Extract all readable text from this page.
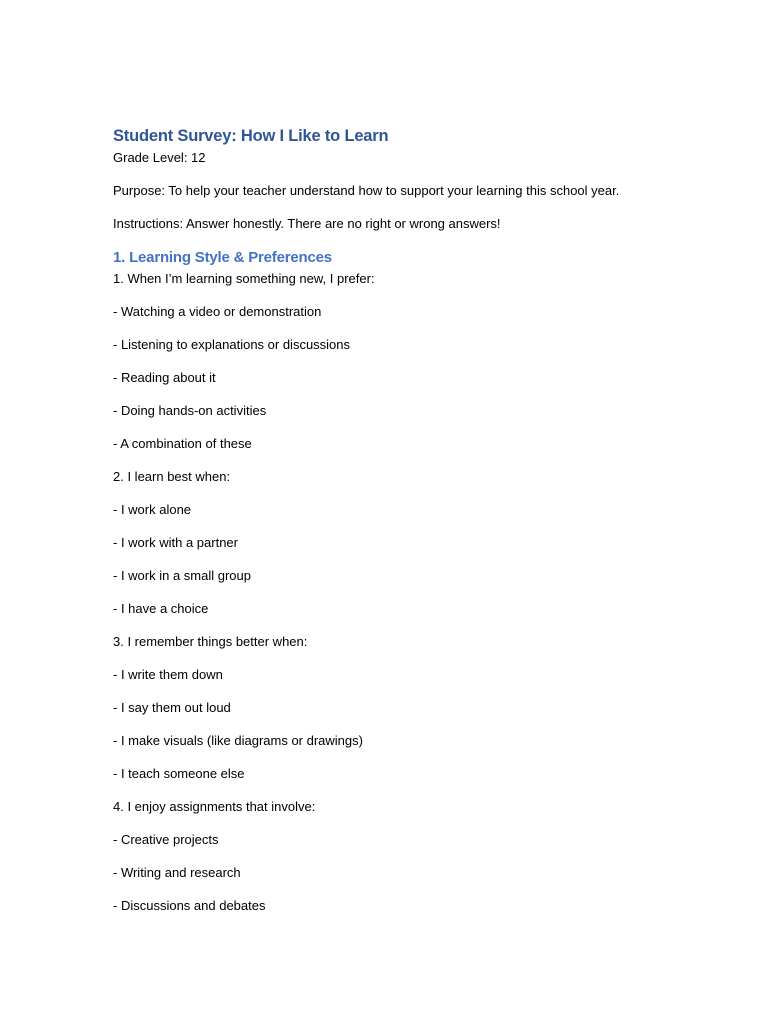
Student Survey: How I Like to Learn

Grade Level: 12

Purpose: To help your teacher understand how to support your learning this school year.

Instructions: Answer honestly. There are no right or wrong answers!

1. Learning Style & Preferences

1. When I’m learning something new, I prefer:

- Watching a video or demonstration

- Listening to explanations or discussions

- Reading about it

- Doing hands-on activities

- A combination of these

2. I learn best when:

- I work alone

- I work with a partner

- I work in a small group

- I have a choice

3. I remember things better when:

- I write them down

- I say them out loud

- I make visuals (like diagrams or drawings)

- I teach someone else

4. I enjoy assignments that involve:

- Creative projects

- Writing and research

- Discussions and debates
